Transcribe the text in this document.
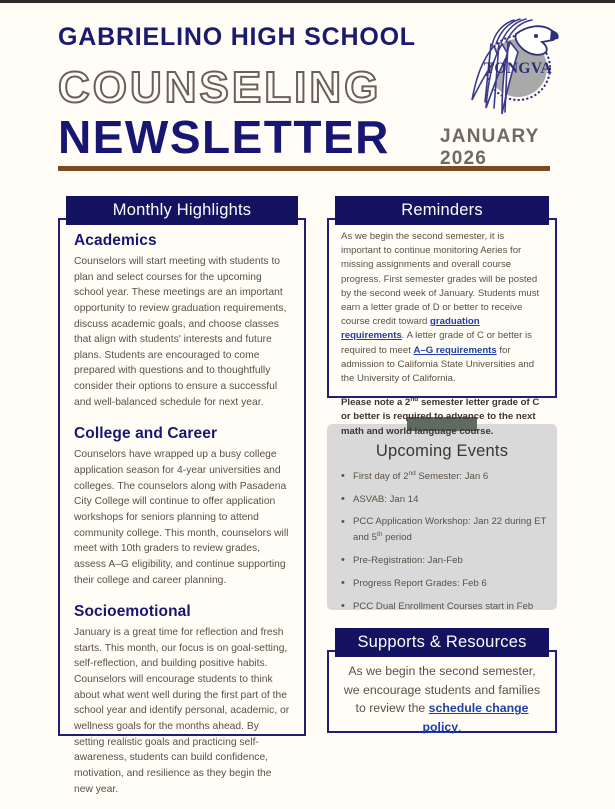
GABRIELINO HIGH SCHOOL
COUNSELING
NEWSLETTER	JANUARY
2026
TONGVA
Monthly Highlights
Academics

Counselors will start meeting with students to plan and select courses for the upcoming school year. These meetings are an important opportunity to review graduation requirements, discuss academic goals, and choose classes that align with students' interests and future plans. Students are encouraged to come prepared with questions and to thoughtfully consider their options to ensure a successful and well-balanced schedule for next year.

College and Career

Counselors have wrapped up a busy college application season for 4-year universities and colleges. The counselors along with Pasadena City College will continue to offer application workshops for seniors planning to attend community college. This month, counselors will meet with 10th graders to review grades, assess A–G eligibility, and continue supporting their college and career planning.

Socioemotional

January is a great time for reflection and fresh starts. This month, our focus is on goal-setting, self-reflection, and building positive habits. Counselors will encourage students to think about what went well during the first part of the school year and identify personal, academic, or wellness goals for the months ahead. By setting realistic goals and practicing self-awareness, students can build confidence, motivation, and resilience as they begin the new year.

Reminders

As we begin the second semester, it is important to continue monitoring Aeries for missing assignments and overall course progress. First semester grades will be posted by the second week of January. Students must earn a letter grade of D or better to receive course credit toward graduation requirements. A letter grade of C or better is required to meet A–G requirements for admission to California State Universities and the University of California.

Please note a 2nd semester letter grade of C or better is required to advance to the next math and world language course.

Upcoming Events
• First day of 2nd Semester: Jan 6
• ASVAB: Jan 14
• PCC Application Workshop: Jan 22 during ET and 5th period
• Pre-Registration: Jan-Feb
• Progress Report Grades: Feb 6
• PCC Dual Enrollment Courses start in Feb
Supports & Resources

As we begin the second semester, we encourage students and families to review the schedule change policy.
